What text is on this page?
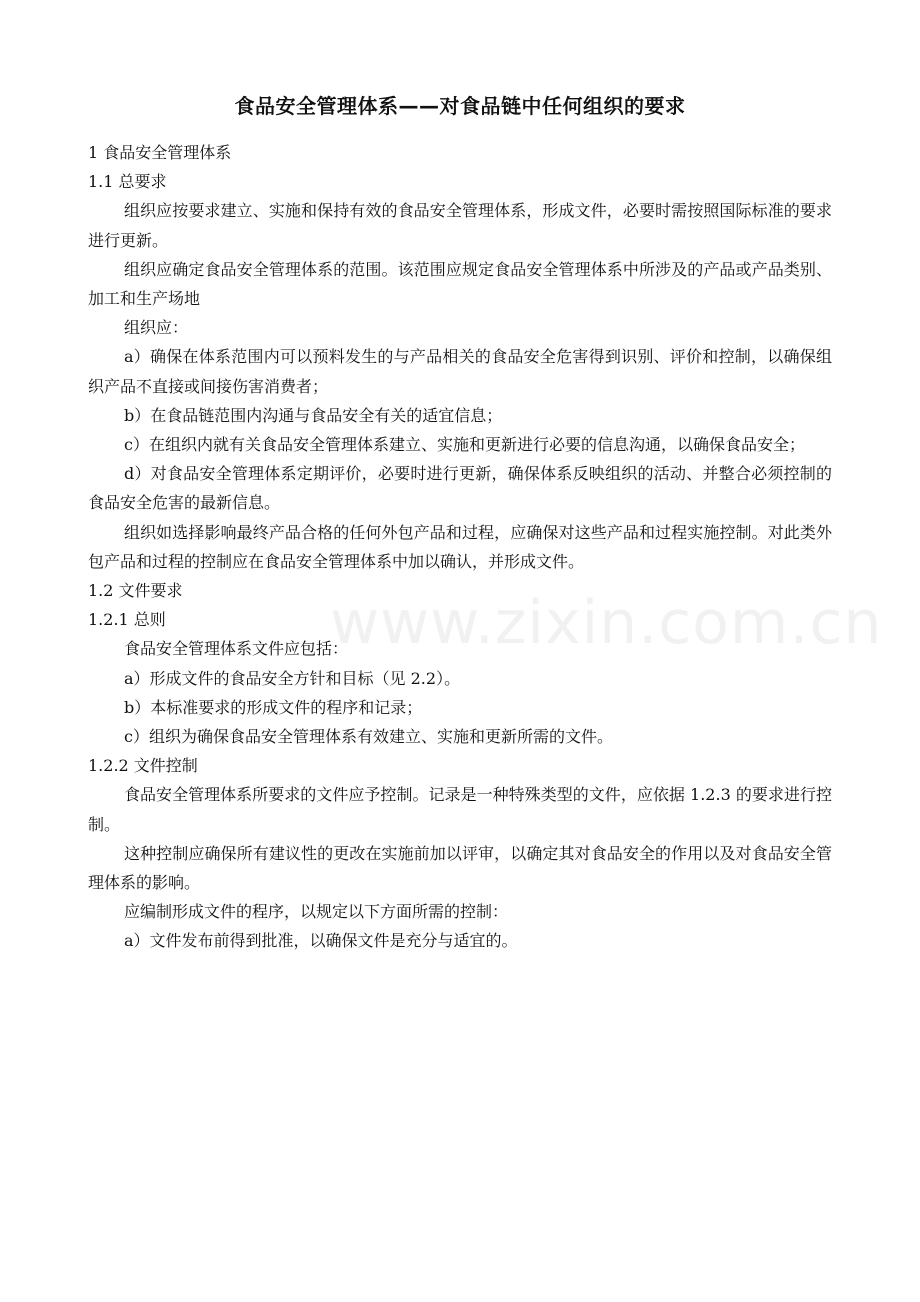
www.zixin.com.cn
食品安全管理体系——对食品链中任何组织的要求

1 食品安全管理体系

1.1 总要求

组织应按要求建立、实施和保持有效的食品安全管理体系，形成文件，必要时需按照国际标准的要求进行更新。

组织应确定食品安全管理体系的范围。该范围应规定食品安全管理体系中所涉及的产品或产品类别、加工和生产场地

组织应：

a）确保在体系范围内可以预料发生的与产品相关的食品安全危害得到识别、评价和控制，以确保组织产品不直接或间接伤害消费者；

b）在食品链范围内沟通与食品安全有关的适宜信息；

c）在组织内就有关食品安全管理体系建立、实施和更新进行必要的信息沟通，以确保食品安全；

d）对食品安全管理体系定期评价，必要时进行更新，确保体系反映组织的活动、并整合必须控制的食品安全危害的最新信息。

组织如选择影响最终产品合格的任何外包产品和过程，应确保对这些产品和过程实施控制。对此类外包产品和过程的控制应在食品安全管理体系中加以确认，并形成文件。

1.2 文件要求

1.2.1 总则

食品安全管理体系文件应包括：

a）形成文件的食品安全方针和目标（见 2.2）。

b）本标准要求的形成文件的程序和记录；

c）组织为确保食品安全管理体系有效建立、实施和更新所需的文件。

1.2.2 文件控制

食品安全管理体系所要求的文件应予控制。记录是一种特殊类型的文件，应依据 1.2.3 的要求进行控制。

这种控制应确保所有建议性的更改在实施前加以评审，以确定其对食品安全的作用以及对食品安全管理体系的影响。

应编制形成文件的程序，以规定以下方面所需的控制：

a）文件发布前得到批准，以确保文件是充分与适宜的。
